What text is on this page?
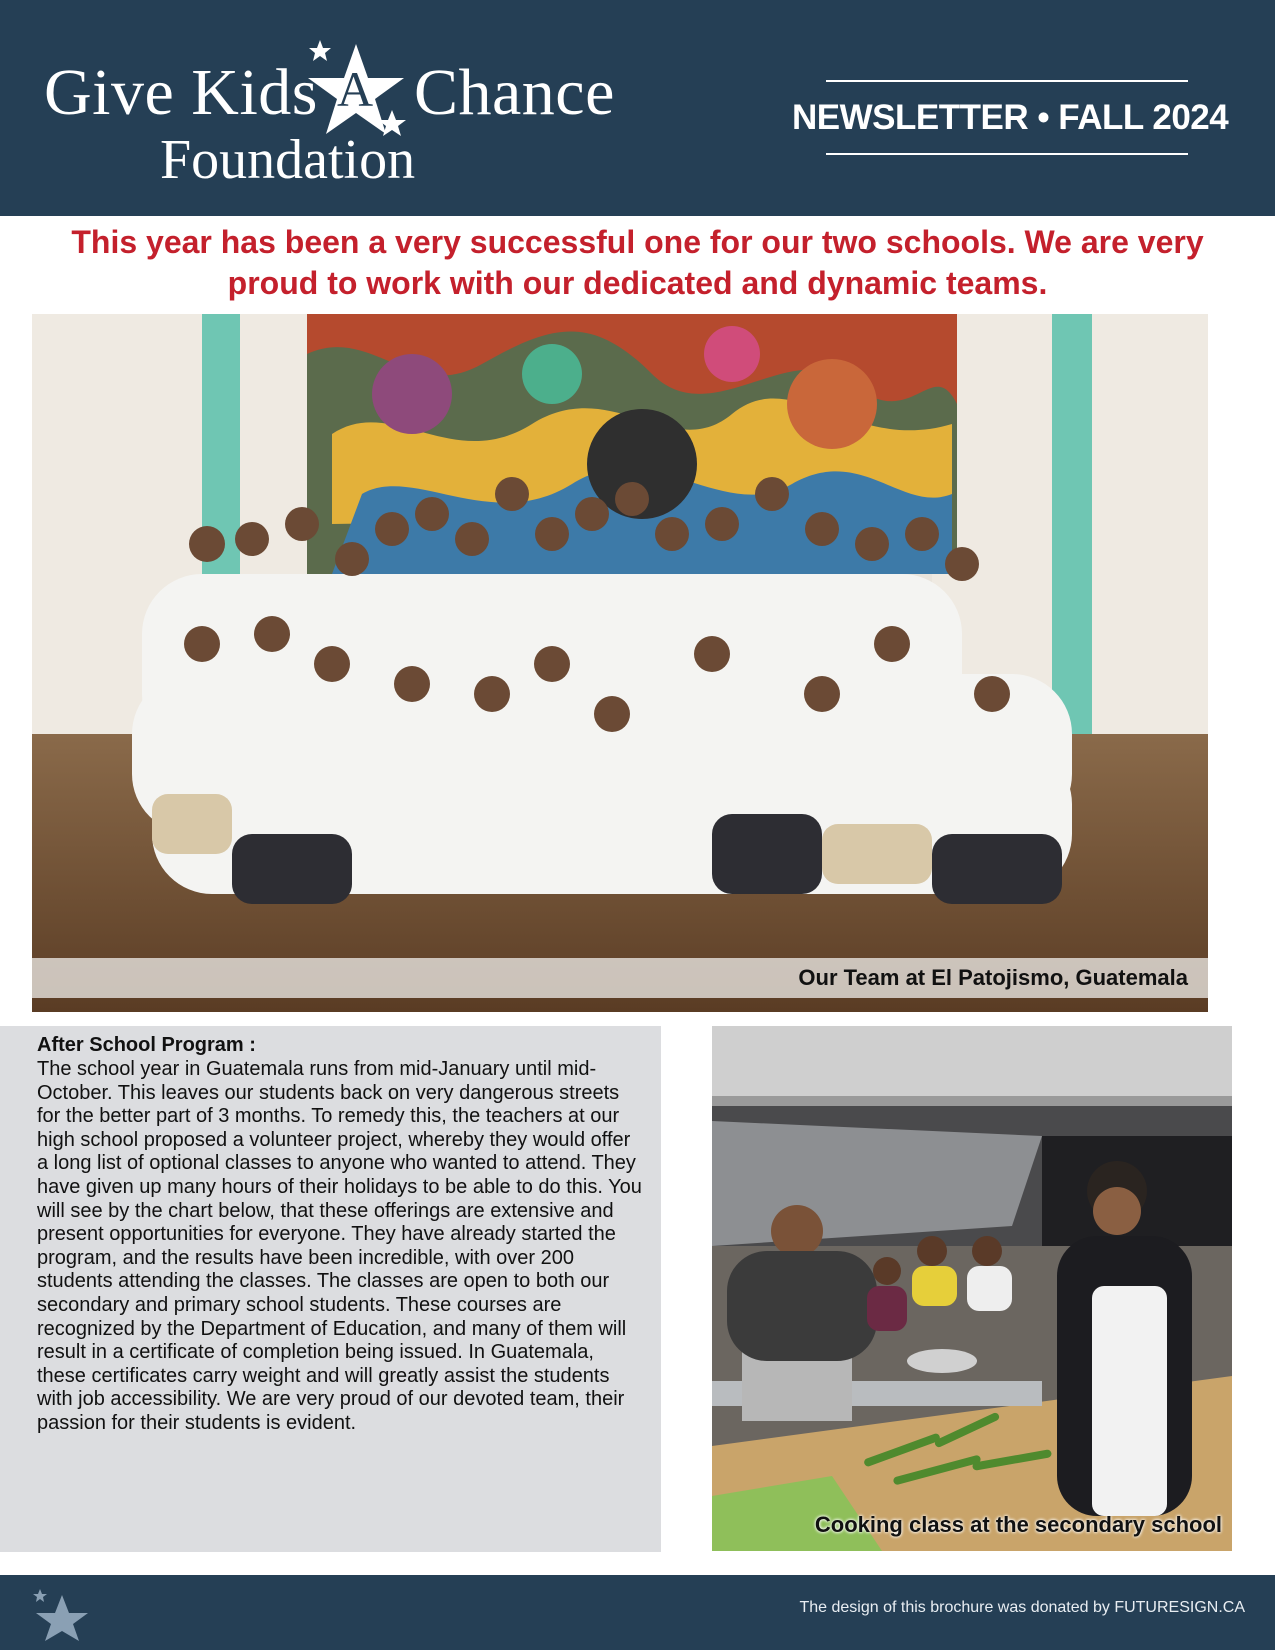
Give Kids Chance
Foundation
A
NEWSLETTER • FALL 2024
This year has been a very successful one for our two schools. We are very proud to work with our dedicated and dynamic teams.
Our Team at El Patojismo, Guatemala
After School Program :
The school year in Guatemala runs from mid-January until mid-October. This leaves our students back on very dangerous streets for the better part of 3 months. To remedy this, the teachers at our high school proposed a volunteer project, whereby they would offer a long list of optional classes to anyone who wanted to attend. They have given up many hours of their holidays to be able to do this. You will see by the chart below, that these offerings are extensive and present opportunities for everyone. They have already started the program, and the results have been incredible, with over 200 students attending the classes. The classes are open to both our secondary and primary school students. These courses are recognized by the Department of Education, and many of them will result in a certificate of completion being issued. In Guatemala, these certificates carry weight and will greatly assist the students with job accessibility. We are very proud of our devoted team, their passion for their students is evident.
Cooking class at the secondary school
The design of this brochure was donated by FUTURESIGN.CA
